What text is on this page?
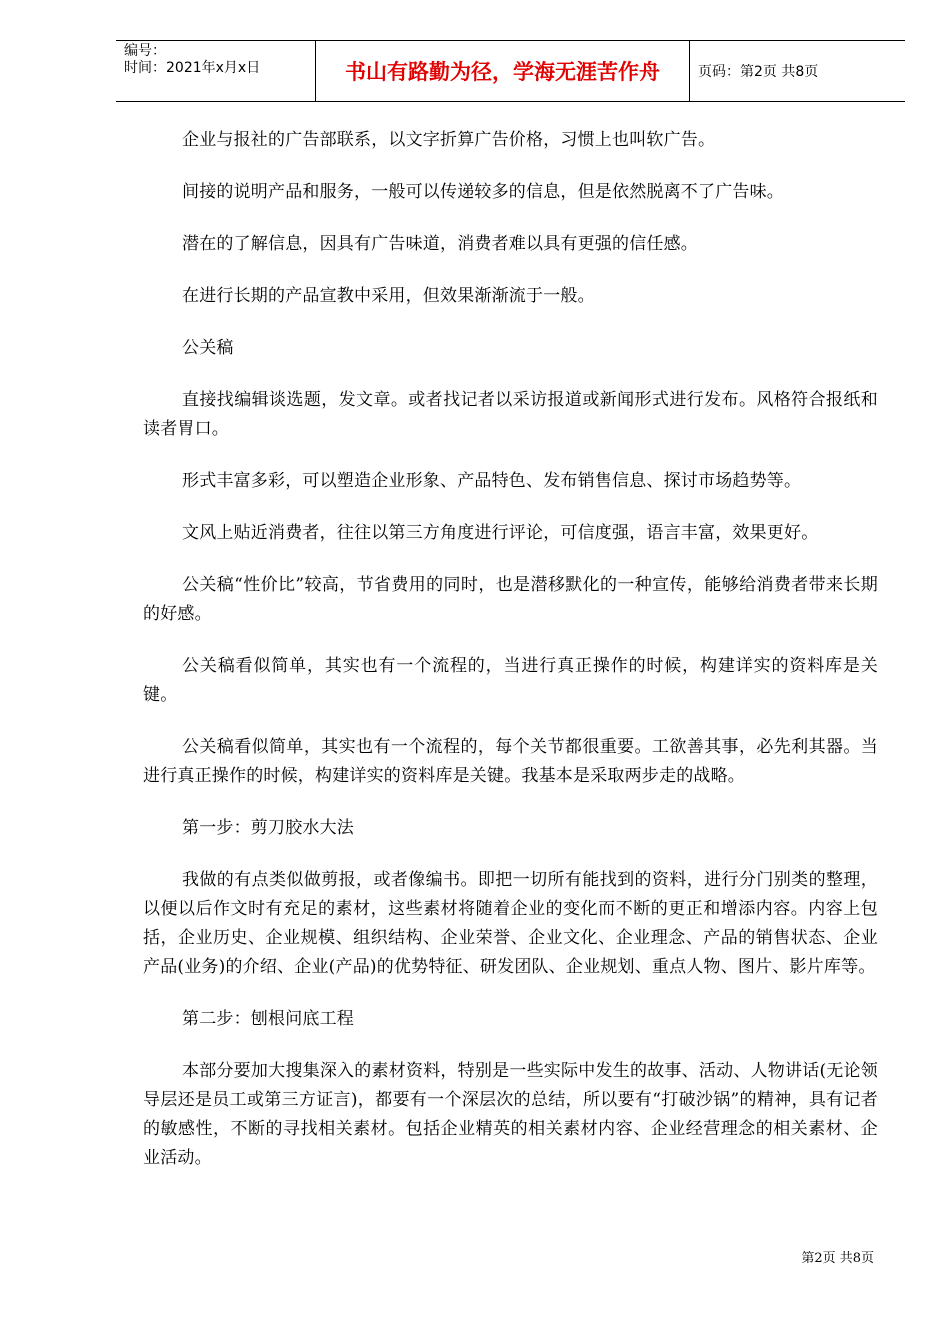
编号：
时间：2021年x月x日	书山有路勤为径，学海无涯苦作舟	页码：第2页 共8页

企业与报社的广告部联系，以文字折算广告价格，习惯上也叫软广告。

间接的说明产品和服务，一般可以传递较多的信息，但是依然脱离不了广告味。

潜在的了解信息，因具有广告味道，消费者难以具有更强的信任感。

在进行长期的产品宣教中采用，但效果渐渐流于一般。

公关稿

直接找编辑谈选题，发文章。或者找记者以采访报道或新闻形式进行发布。风格符合报纸和读者胃口。

形式丰富多彩，可以塑造企业形象、产品特色、发布销售信息、探讨市场趋势等。

文风上贴近消费者，往往以第三方角度进行评论，可信度强，语言丰富，效果更好。

公关稿“性价比”较高，节省费用的同时，也是潜移默化的一种宣传，能够给消费者带来长期的好感。

公关稿看似简单，其实也有一个流程的，当进行真正操作的时候，构建详实的资料库是关键。

公关稿看似简单，其实也有一个流程的，每个关节都很重要。工欲善其事，必先利其器。当进行真正操作的时候，构建详实的资料库是关键。我基本是采取两步走的战略。

第一步：剪刀胶水大法

我做的有点类似做剪报，或者像编书。即把一切所有能找到的资料，进行分门别类的整理，以便以后作文时有充足的素材，这些素材将随着企业的变化而不断的更正和增添内容。内容上包括，企业历史、企业规模、组织结构、企业荣誉、企业文化、企业理念、产品的销售状态、企业产品(业务)的介绍、企业(产品)的优势特征、研发团队、企业规划、重点人物、图片、影片库等。

第二步：刨根问底工程

本部分要加大搜集深入的素材资料，特别是一些实际中发生的故事、活动、人物讲话(无论领导层还是员工或第三方证言)，都要有一个深层次的总结，所以要有“打破沙锅”的精神，具有记者的敏感性，不断的寻找相关素材。包括企业精英的相关素材内容、企业经营理念的相关素材、企业活动。

第2页 共8页
